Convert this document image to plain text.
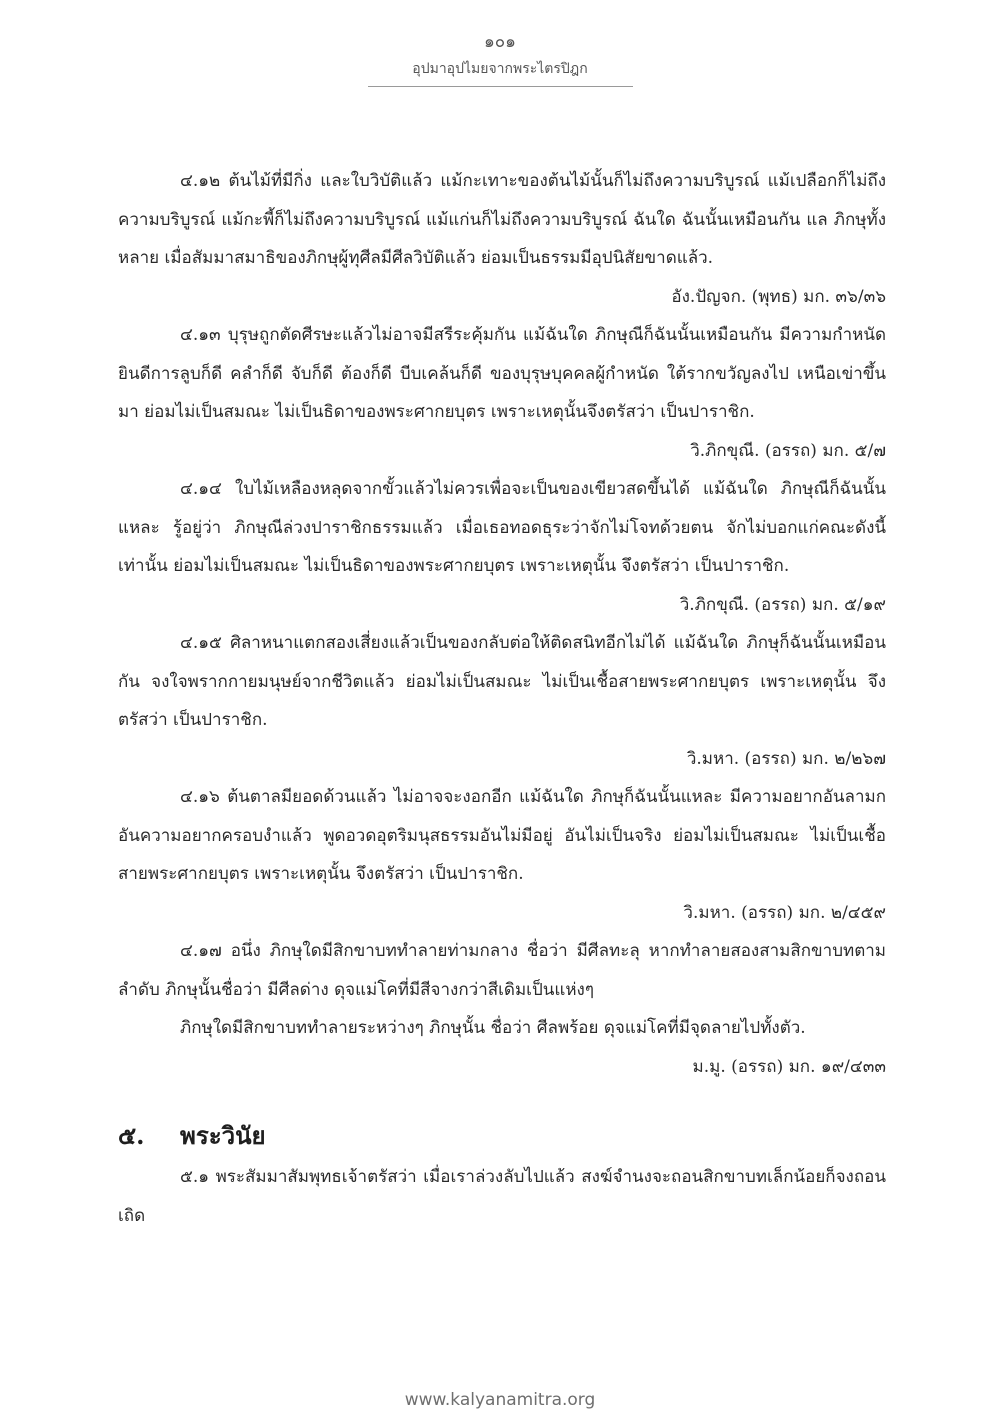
๑๐๑
อุปมาอุปไมยจากพระไตรปิฎก

๔.๑๒ ต้นไม้ที่มีกิ่ง และใบวิบัติแล้ว แม้กะเทาะของต้นไม้นั้นก็ไม่ถึงความบริบูรณ์ แม้เปลือกก็ไม่ถึงความบริบูรณ์ แม้กะพี้ก็ไม่ถึงความบริบูรณ์ แม้แก่นก็ไม่ถึงความบริบูรณ์ ฉันใด ฉันนั้นเหมือนกัน แล ภิกษุทั้งหลาย เมื่อสัมมาสมาธิของภิกษุผู้ทุศีลมีศีลวิบัติแล้ว ย่อมเป็นธรรมมีอุปนิสัยขาดแล้ว.

อัง.ปัญจก. (พุทธ) มก. ๓๖/๓๖

๔.๑๓ บุรุษถูกตัดศีรษะแล้วไม่อาจมีสรีระคุ้มกัน แม้ฉันใด ภิกษุณีก็ฉันนั้นเหมือนกัน มีความกำหนัดยินดีการลูบก็ดี คลำก็ดี จับก็ดี ต้องก็ดี บีบเคล้นก็ดี ของบุรุษบุคคลผู้กำหนัด ใต้รากขวัญลงไป เหนือเข่าขึ้นมา ย่อมไม่เป็นสมณะ ไม่เป็นธิดาของพระศากยบุตร เพราะเหตุนั้นจึงตรัสว่า เป็นปาราชิก.

วิ.ภิกขุณี. (อรรถ) มก. ๕/๗

๔.๑๔ ใบไม้เหลืองหลุดจากขั้วแล้วไม่ควรเพื่อจะเป็นของเขียวสดขึ้นได้ แม้ฉันใด ภิกษุณีก็ฉันนั้นแหละ รู้อยู่ว่า ภิกษุณีล่วงปาราชิกธรรมแล้ว เมื่อเธอทอดธุระว่าจักไม่โจทด้วยตน จักไม่บอกแก่คณะดังนี้เท่านั้น ย่อมไม่เป็นสมณะ ไม่เป็นธิดาของพระศากยบุตร เพราะเหตุนั้น จึงตรัสว่า เป็นปาราชิก.

วิ.ภิกขุณี. (อรรถ) มก. ๕/๑๙

๔.๑๕ ศิลาหนาแตกสองเสี่ยงแล้วเป็นของกลับต่อให้ติดสนิทอีกไม่ได้ แม้ฉันใด ภิกษุก็ฉันนั้นเหมือนกัน จงใจพรากกายมนุษย์จากชีวิตแล้ว ย่อมไม่เป็นสมณะ ไม่เป็นเชื้อสายพระศากยบุตร เพราะเหตุนั้น จึงตรัสว่า เป็นปาราชิก.

วิ.มหา. (อรรถ) มก. ๒/๒๖๗

๔.๑๖ ต้นตาลมียอดด้วนแล้ว ไม่อาจจะงอกอีก แม้ฉันใด ภิกษุก็ฉันนั้นแหละ มีความอยากอันลามก อันความอยากครอบงำแล้ว พูดอวดอุตริมนุสธรรมอันไม่มีอยู่ อันไม่เป็นจริง ย่อมไม่เป็นสมณะ ไม่เป็นเชื้อสายพระศากยบุตร เพราะเหตุนั้น จึงตรัสว่า เป็นปาราชิก.

วิ.มหา. (อรรถ) มก. ๒/๔๕๙

๔.๑๗ อนึ่ง ภิกษุใดมีสิกขาบททำลายท่ามกลาง ชื่อว่า มีศีลทะลุ หากทำลายสองสามสิกขาบทตามลำดับ ภิกษุนั้นชื่อว่า มีศีลด่าง ดุจแม่โคที่มีสีจางกว่าสีเดิมเป็นแห่งๆ

ภิกษุใดมีสิกขาบททำลายระหว่างๆ ภิกษุนั้น ชื่อว่า ศีลพร้อย ดุจแม่โคที่มีจุดลายไปทั้งตัว.

ม.มู. (อรรถ) มก. ๑๙/๔๓๓

๕. พระวินัย

๕.๑ พระสัมมาสัมพุทธเจ้าตรัสว่า เมื่อเราล่วงลับไปแล้ว สงฆ์จำนงจะถอนสิกขาบทเล็กน้อยก็จงถอนเถิด

www.kalyanamitra.org
